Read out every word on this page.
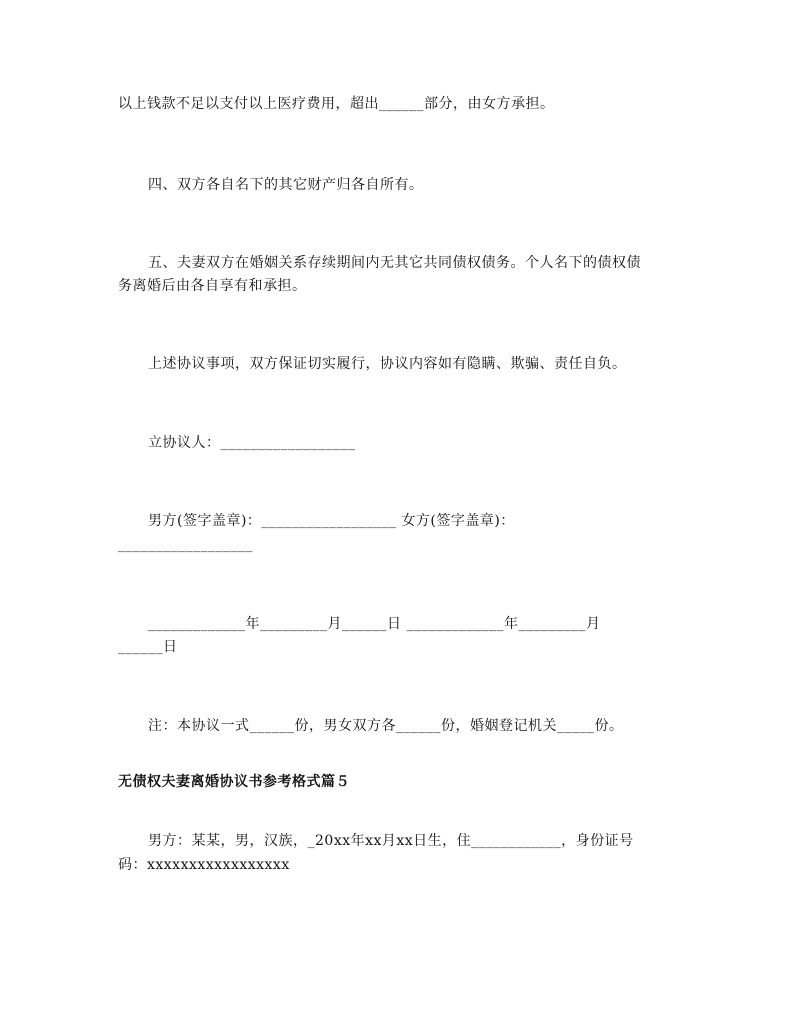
以上钱款不足以支付以上医疗费用，超出______部分，由女方承担。
四、双方各自名下的其它财产归各自所有。
五、夫妻双方在婚姻关系存续期间内无其它共同债权债务。个人名下的债权债
务离婚后由各自享有和承担。
上述协议事项，双方保证切实履行，协议内容如有隐瞒、欺骗、责任自负。
立协议人：__________________
男方(签字盖章)：__________________ 女方(签字盖章)：
__________________
_____________年_________月______日 _____________年_________月
______日
注：本协议一式______份，男女双方各______份，婚姻登记机关_____份。
无债权夫妻离婚协议书参考格式篇５
男方：某某，男，汉族，_20xx年xx月xx日生，住____________，身份证号
码：xxxxxxxxxxxxxxxxx
